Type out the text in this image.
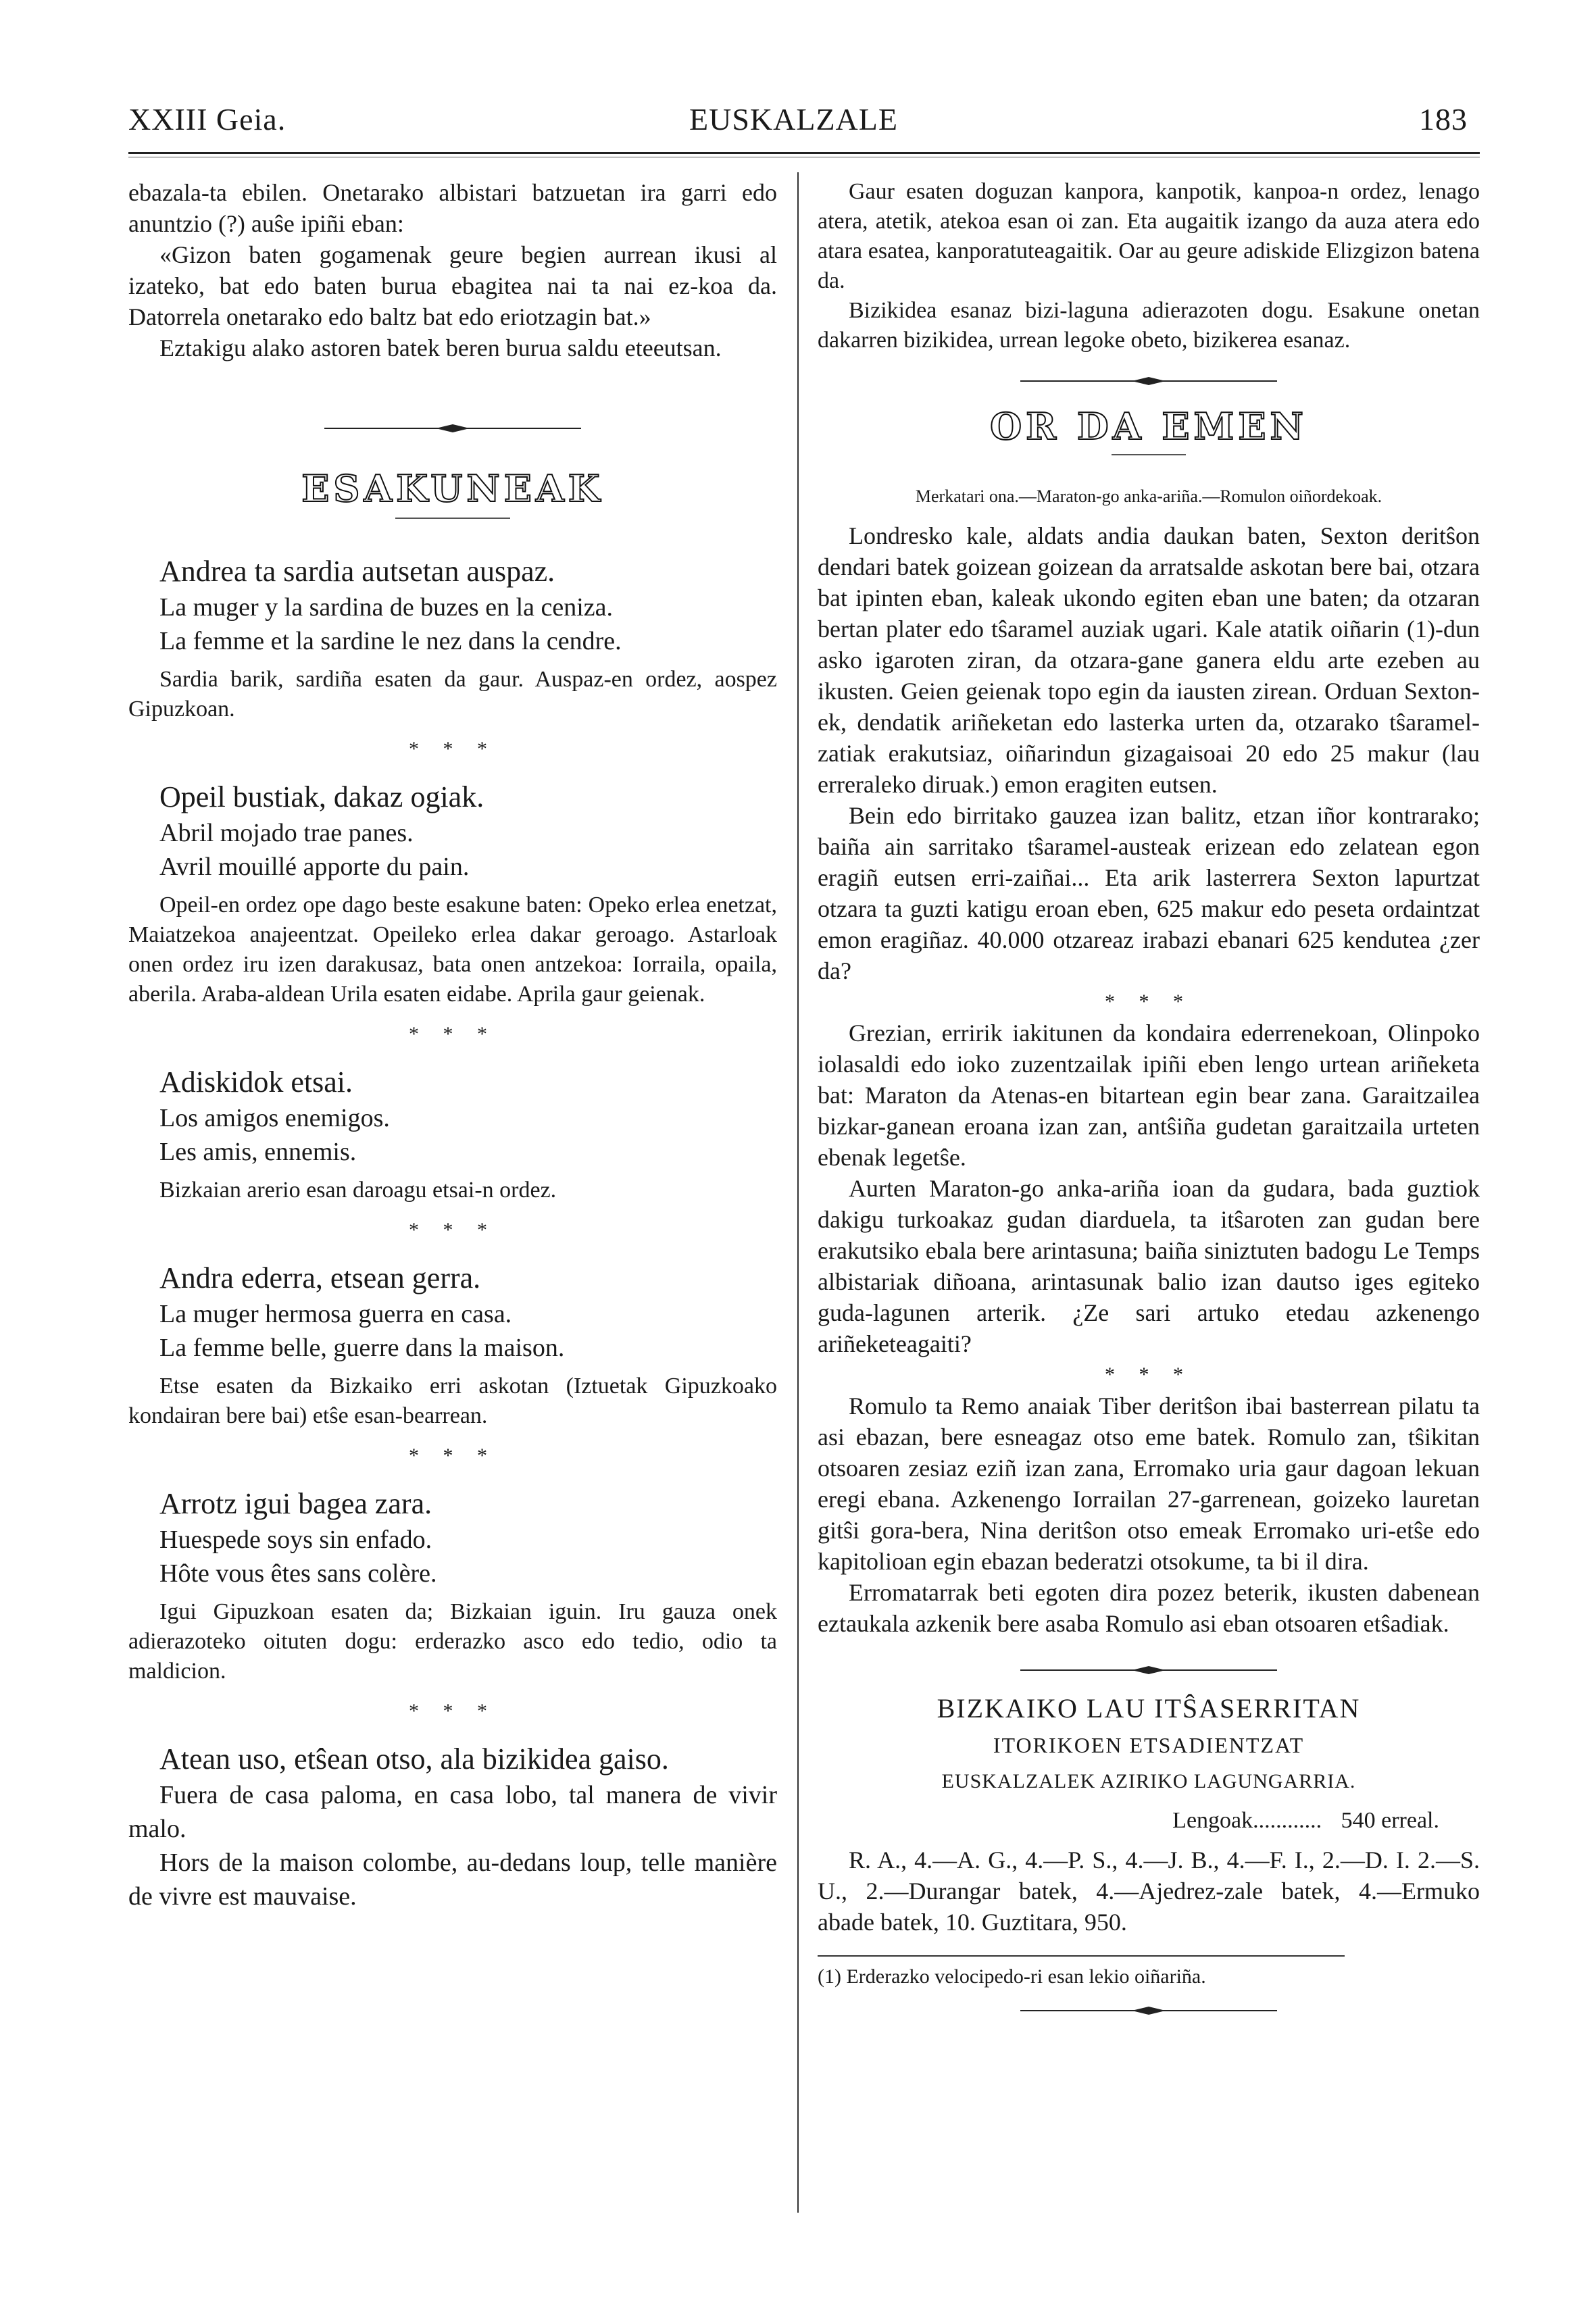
XXIII Geia.	EUSKALZALE	183

ebazala-ta ebilen. Onetarako albistari batzuetan ira garri edo anuntzio (?) auŝe ipiñi eban:

«Gizon baten gogamenak geure begien aurrean ikusi al izateko, bat edo baten burua ebagitea nai ta nai ez-koa da. Datorrela onetarako edo baltz bat edo eriotzagin bat.»

Eztakigu alako astoren batek beren burua saldu eteeutsan.

ESAKUNEAK
Andrea ta sardia autsetan auspaz.
La muger y la sardina de buzes en la ceniza.
La femme et la sardine le nez dans la cendre.

Sardia barik, sardiña esaten da gaur. Auspaz-en ordez, aospez Gipuzkoan.

* * *
Opeil bustiak, dakaz ogiak.
Abril mojado trae panes.
Avril mouillé apporte du pain.

Opeil-en ordez ope dago beste esakune baten: Opeko erlea enetzat, Maiatzekoa anajeentzat. Opeileko erlea dakar geroago. Astarloak onen ordez iru izen darakusaz, bata onen antzekoa: Iorraila, opaila, aberila. Araba-aldean Urila esaten eidabe. Aprila gaur geienak.

* * *
Adiskidok etsai.
Los amigos enemigos.
Les amis, ennemis.

Bizkaian arerio esan daroagu etsai-n ordez.

* * *
Andra ederra, etsean gerra.
La muger hermosa guerra en casa.
La femme belle, guerre dans la maison.

Etse esaten da Bizkaiko erri askotan (Iztuetak Gipuzkoako kondairan bere bai) etŝe esan-bearrean.

* * *
Arrotz igui bagea zara.
Huespede soys sin enfado.
Hôte vous êtes sans colère.

Igui Gipuzkoan esaten da; Bizkaian iguin. Iru gauza onek adierazoteko oituten dogu: erderazko asco edo tedio, odio ta maldicion.

* * *
Atean uso, etŝean otso, ala bizikidea gaiso.

Fuera de casa paloma, en casa lobo, tal manera de vivir malo.

Hors de la maison colombe, au-dedans loup, telle manière de vivre est mauvaise.

Gaur esaten doguzan kanpora, kanpotik, kanpoa-n ordez, lenago atera, atetik, atekoa esan oi zan. Eta augaitik izango da auza atera edo atara esatea, kanporatuteagaitik. Oar au geure adiskide Elizgizon batena da.

Bizikidea esanaz bizi-laguna adierazoten dogu. Esakune onetan dakarren bizikidea, urrean legoke obeto, bizikerea esanaz.

OR DA EMEN
Merkatari ona.—Maraton-go anka-ariña.—Romulon oiñordekoak.

Londresko kale, aldats andia daukan baten, Sexton deritŝon dendari batek goizean goizean da arratsalde askotan bere bai, otzara bat ipinten eban, kaleak ukondo egiten eban une baten; da otzaran bertan plater edo tŝaramel auziak ugari. Kale atatik oiñarin (1)-dun asko igaroten ziran, da otzara-gane ganera eldu arte ezeben au ikusten. Geien geienak topo egin da iausten zirean. Orduan Sexton-ek, dendatik ariñeketan edo lasterka urten da, otzarako tŝaramel-zatiak erakutsiaz, oiñarindun gizagaisoai 20 edo 25 makur (lau erreraleko diruak.) emon eragiten eutsen.

Bein edo birritako gauzea izan balitz, etzan iñor kontrarako; baiña ain sarritako tŝaramel-austeak erizean edo zelatean egon eragiñ eutsen erri-zaiñai... Eta arik lasterrera Sexton lapurtzat otzara ta guzti katigu eroan eben, 625 makur edo peseta ordaintzat emon eragiñaz. 40.000 otzareaz irabazi ebanari 625 kendutea ¿zer da?

* * *

Grezian, erririk iakitunen da kondaira ederrenekoan, Olinpoko iolasaldi edo ioko zuzentzailak ipiñi eben lengo urtean ariñeketa bat: Maraton da Atenas-en bitartean egin bear zana. Garaitzailea bizkar-ganean eroana izan zan, antŝiña gudetan garaitzaila urteten ebenak legetŝe.

Aurten Maraton-go anka-ariña ioan da gudara, bada guztiok dakigu turkoakaz gudan diarduela, ta itŝaroten zan gudan bere erakutsiko ebala bere arintasuna; baiña siniztuten badogu Le Temps albistariak diñoana, arintasunak balio izan dautso iges egiteko guda-lagunen arterik. ¿Ze sari artuko etedau azkenengo ariñeketeagaiti?

* * *

Romulo ta Remo anaiak Tiber deritŝon ibai basterrean pilatu ta asi ebazan, bere esneagaz otso eme batek. Romulo zan, tŝikitan otsoaren zesiaz eziñ izan zana, Erromako uria gaur dagoan lekuan eregi ebana. Azkenengo Iorrailan 27-garrenean, goizeko lauretan gitŝi gora-bera, Nina deritŝon otso emeak Erromako uri-etŝe edo kapitolioan egin ebazan bederatzi otsokume, ta bi il dira.

Erromatarrak beti egoten dira pozez beterik, ikusten dabenean eztaukala azkenik bere asaba Romulo asi eban otsoaren etŝadiak.

BIZKAIKO LAU ITŜASERRITAN
ITORIKOEN ETSADIENTZAT
EUSKALZALEK AZIRIKO LAGUNGARRIA.
Lengoak............ 540 erreal.

R. A., 4.—A. G., 4.—P. S., 4.—J. B., 4.—F. I., 2.—D. I. 2.—S. U., 2.—Durangar batek, 4.—Ajedrez-zale batek, 4.—Ermuko abade batek, 10. Guztitara, 950.

(1) Erderazko velocipedo-ri esan lekio oiñariña.
